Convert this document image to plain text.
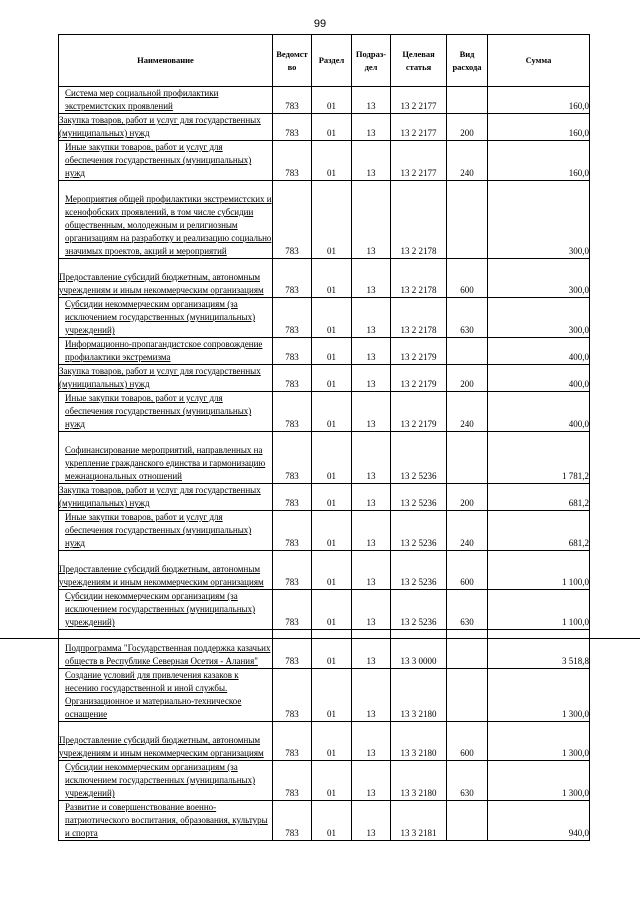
99
Наименование	Ведомст во	Раздел	Подраз- дел	Целевая статья	Вид расхода	Сумма
Система мер социальной профилактики экстремистских проявлений	783	01	13	13 2 2177		160,0
Закупка товаров, работ и услуг для государственных (муниципальных) нужд	783	01	13	13 2 2177	200	160,0
Иные закупки товаров, работ и услуг для обеспечения государственных (муниципальных) нужд	783	01	13	13 2 2177	240	160,0
Мероприятия общей профилактики экстремистских и ксенофобских проявлений, в том числе субсидии общественным, молодежным и религиозным организациям на разработку и реализацию социально значимых проектов, акций и мероприятий	783	01	13	13 2 2178		300,0
Предоставление субсидий бюджетным, автономным учреждениям и иным некоммерческим организациям	783	01	13	13 2 2178	600	300,0
Субсидии некоммерческим организациям (за исключением государственных (муниципальных) учреждений)	783	01	13	13 2 2178	630	300,0
Информационно-пропагандистское сопровождение профилактики экстремизма	783	01	13	13 2 2179		400,0
Закупка товаров, работ и услуг для государственных (муниципальных) нужд	783	01	13	13 2 2179	200	400,0
Иные закупки товаров, работ и услуг для обеспечения государственных (муниципальных) нужд	783	01	13	13 2 2179	240	400,0
Софинансирование мероприятий, направленных на укрепление гражданского единства и гармонизацию межнациональных отношений	783	01	13	13 2 5236		1 781,2
Закупка товаров, работ и услуг для государственных (муниципальных) нужд	783	01	13	13 2 5236	200	681,2
Иные закупки товаров, работ и услуг для обеспечения государственных (муниципальных) нужд	783	01	13	13 2 5236	240	681,2
Предоставление субсидий бюджетным, автономным учреждениям и иным некоммерческим организациям	783	01	13	13 2 5236	600	1 100,0
Субсидии некоммерческим организациям (за исключением государственных (муниципальных) учреждений)	783	01	13	13 2 5236	630	1 100,0
Подпрограмма "Государственная поддержка казачьих обществ в Республике Северная Осетия - Алания"	783	01	13	13 3 0000		3 518,8
Создание условий для привлечения казаков к несению государственной и иной службы. Организационное и материально-техническое оснащение	783	01	13	13 3 2180		1 300,0
Предоставление субсидий бюджетным, автономным учреждениям и иным некоммерческим организациям	783	01	13	13 3 2180	600	1 300,0
Субсидии некоммерческим организациям (за исключением государственных (муниципальных) учреждений)	783	01	13	13 3 2180	630	1 300,0
Развитие и совершенствование военно-патриотического воспитания, образования, культуры и спорта	783	01	13	13 3 2181		940,0
